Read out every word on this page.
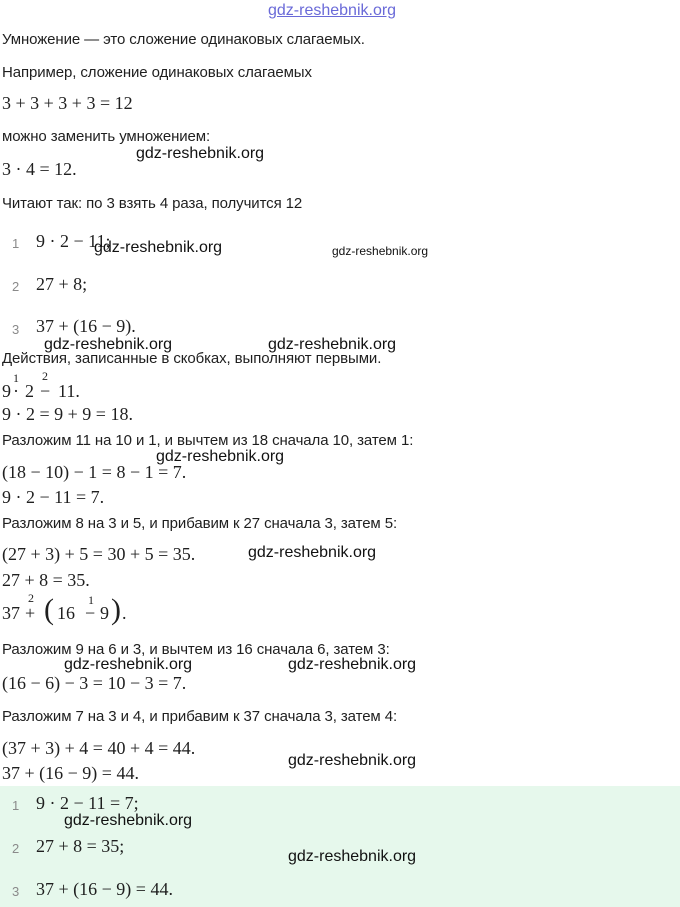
gdz-reshebnik.org
Умножение — это сложение одинаковых слагаемых.
Например, сложение одинаковых слагаемых
3 + 3 + 3 + 3 = 12
можно заменить умножением:
3 · 4 = 12.
Читают так: по 3 взять 4 раза, получится 12
1 9 · 2 − 11;
2 27 + 8;
3 37 + (16 − 9).
Действия, записанные в скобках, выполняют первыми.
9
1
· 2
2
− 11.
9 · 2 = 9 + 9 = 18.
Разложим 11 на 10 и 1, и вычтем из 18 сначала 10, затем 1:
(18 − 10) − 1 = 8 − 1 = 7.
9 · 2 − 11 = 7.
Разложим 8 на 3 и 5, и прибавим к 27 сначала 3, затем 5:
(27 + 3) + 5 = 30 + 5 = 35.
27 + 8 = 35.
37
2
+ ( 16
1
− 9 ) .
Разложим 9 на 6 и 3, и вычтем из 16 сначала 6, затем 3:
(16 − 6) − 3 = 10 − 3 = 7.
Разложим 7 на 3 и 4, и прибавим к 37 сначала 3, затем 4:
(37 + 3) + 4 = 40 + 4 = 44.
37 + (16 − 9) = 44.
1 9 · 2 − 11 = 7;
2 27 + 8 = 35;
3 37 + (16 − 9) = 44.
gdz-reshebnik.org
gdz-reshebnik.org	gdz-reshebnik.org
gdz-reshebnik.org	gdz-reshebnik.org
gdz-reshebnik.org
gdz-reshebnik.org
gdz-reshebnik.org	gdz-reshebnik.org
gdz-reshebnik.org
gdz-reshebnik.org
gdz-reshebnik.org
